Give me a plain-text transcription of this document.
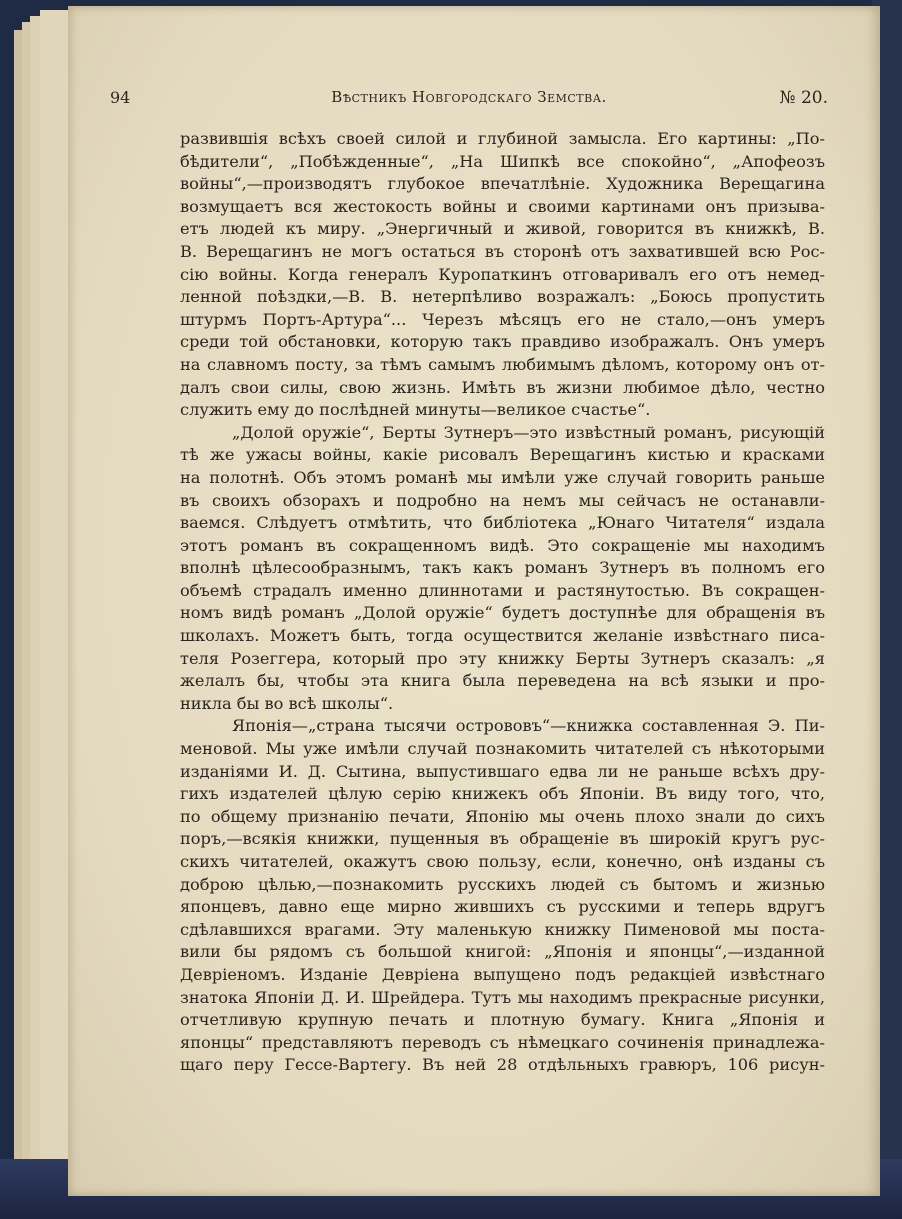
94	Вѣстникъ Новгородскаго Земства.	№ 20.
развившія всѣхъ своей силой и глубиной замысла. Его картины: „По-
бѣдители“, „Побѣжденные“, „На Шипкѣ все спокойно“, „Апофеозъ
войны“,—производятъ глубокое впечатлѣніе. Художника Верещагина
возмущаетъ вся жестокость войны и своими картинами онъ призыва-
етъ людей къ миру. „Энергичный и живой, говорится въ книжкѣ, В.
В. Верещагинъ не могъ остаться въ сторонѣ отъ захватившей всю Рос-
сію войны. Когда генералъ Куропаткинъ отговаривалъ его отъ немед-
ленной поѣздки,—В. В. нетерпѣливо возражалъ: „Боюсь пропустить
штурмъ Портъ-Артура“... Черезъ мѣсяцъ его не стало,—онъ умеръ
среди той обстановки, которую такъ правдиво изображалъ. Онъ умеръ
на славномъ посту, за тѣмъ самымъ любимымъ дѣломъ, которому онъ от-
далъ свои силы, свою жизнь. Имѣть въ жизни любимое дѣло, честно
служить ему до послѣдней минуты—великое счастье“.
„Долой оружіе“, Берты Зутнеръ—это извѣстный романъ, рисующій
тѣ же ужасы войны, какіе рисовалъ Верещагинъ кистью и красками
на полотнѣ. Объ этомъ романѣ мы имѣли уже случай говорить раньше
въ своихъ обзорахъ и подробно на немъ мы сейчасъ не останавли-
ваемся. Слѣдуетъ отмѣтить, что библіотека „Юнаго Читателя“ издала
этотъ романъ въ сокращенномъ видѣ. Это сокращеніе мы находимъ
вполнѣ цѣлесообразнымъ, такъ какъ романъ Зутнеръ въ полномъ его
объемѣ страдалъ именно длиннотами и растянутостью. Въ сокращен-
номъ видѣ романъ „Долой оружіе“ будетъ доступнѣе для обращенія въ
школахъ. Можетъ быть, тогда осуществится желаніе извѣстнаго писа-
теля Розеггера, который про эту книжку Берты Зутнеръ сказалъ: „я
желалъ бы, чтобы эта книга была переведена на всѣ языки и про-
никла бы во всѣ школы“.
Японія—„страна тысячи острововъ“—книжка составленная Э. Пи-
меновой. Мы уже имѣли случай познакомить читателей съ нѣкоторыми
изданіями И. Д. Сытина, выпустившаго едва ли не раньше всѣхъ дру-
гихъ издателей цѣлую серію книжекъ объ Японіи. Въ виду того, что,
по общему признанію печати, Японію мы очень плохо знали до сихъ
поръ,—всякія книжки, пущенныя въ обращеніе въ широкій кругъ рус-
скихъ читателей, окажутъ свою пользу, если, конечно, онѣ изданы съ
доброю цѣлью,—познакомить русскихъ людей съ бытомъ и жизнью
японцевъ, давно еще мирно жившихъ съ русскими и теперь вдругъ
сдѣлавшихся врагами. Эту маленькую книжку Пименовой мы поста-
вили бы рядомъ съ большой книгой: „Японія и японцы“,—изданной
Девріеномъ. Изданіе Девріена выпущено подъ редакціей извѣстнаго
знатока Японіи Д. И. Шрейдера. Тутъ мы находимъ прекрасные рисунки,
отчетливую крупную печать и плотную бумагу. Книга „Японія и
японцы“ представляютъ переводъ съ нѣмецкаго сочиненія принадлежа-
щаго перу Гессе-Вартегу. Въ ней 28 отдѣльныхъ гравюръ, 106 рисун-
